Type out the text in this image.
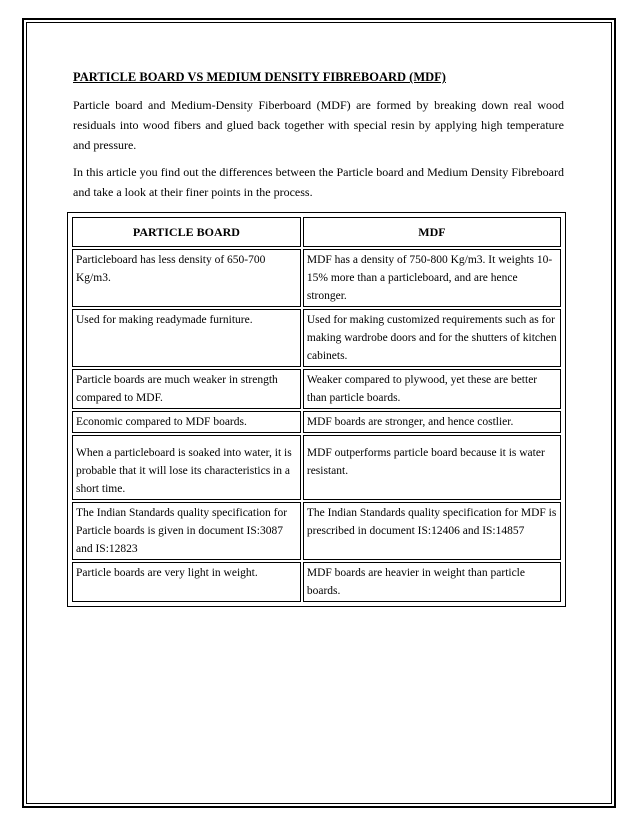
PARTICLE BOARD VS MEDIUM DENSITY FIBREBOARD (MDF)

Particle board and Medium-Density Fiberboard (MDF) are formed by breaking down real wood residuals into wood fibers and glued back together with special resin by applying high temperature and pressure.

In this article you find out the differences between the Particle board and Medium Density Fibreboard and take a look at their finer points in the process.

PARTICLE BOARD	MDF
Particleboard has less density of 650-700 Kg/m3.	MDF has a density of 750-800 Kg/m3. It weights 10-15% more than a particleboard, and are hence stronger.
Used for making readymade furniture.	Used for making customized requirements such as for making wardrobe doors and for the shutters of kitchen cabinets.
Particle boards are much weaker in strength compared to MDF.	Weaker compared to plywood, yet these are better than particle boards.
Economic compared to MDF boards.	MDF boards are stronger, and hence costlier.
When a particleboard is soaked into water, it is probable that it will lose its characteristics in a short time.	MDF outperforms particle board because it is water resistant.
The Indian Standards quality specification for Particle boards is given in document IS:3087 and IS:12823	The Indian Standards quality specification for MDF is prescribed in document IS:12406 and IS:14857
Particle boards are very light in weight.	MDF boards are heavier in weight than particle boards.
